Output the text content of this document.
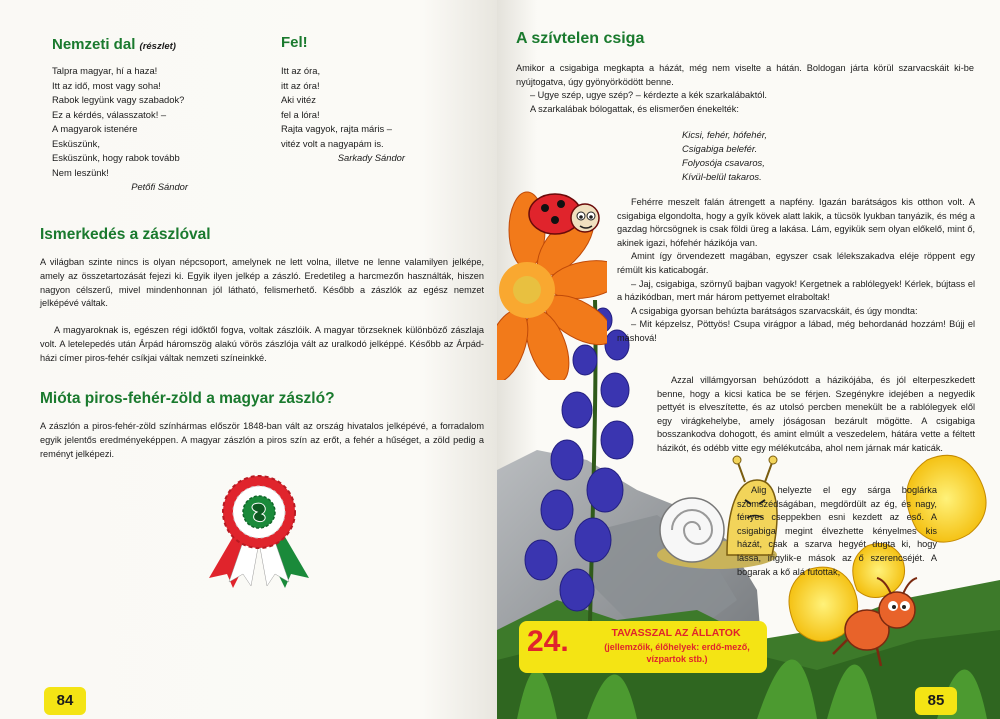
Nemzeti dal (részlet)
Talpra magyar, hí a haza!
Itt az idő, most vagy soha!
Rabok legyünk vagy szabadok?
Ez a kérdés, válasszatok! –
A magyarok istenére
Esküszünk,
Esküszünk, hogy rabok tovább
Nem leszünk!
Petőfi Sándor
Fel!
Itt az óra,
itt az óra!
Aki vitéz
fel a lóra!
Rajta vagyok, rajta máris –
vitéz volt a nagyapám is.
Sarkady Sándor
Ismerkedés a zászlóval

A világban szinte nincs is olyan népcsoport, amelynek ne lett volna, illetve ne lenne valamilyen jelképe, amely az összetartozását fejezi ki. Egyik ilyen jelkép a zászló. Eredetileg a harcmezőn használták, hiszen nagyon célszerű, mivel mindenhonnan jól látható, felismerhető. Később a zászlók az egész nemzet jelképévé váltak.

A magyaroknak is, egészen régi időktől fogva, voltak zászlóik. A magyar törzseknek különböző zászlaja volt. A letelepedés után Árpád háromszög alakú vörös zászlója vált az uralkodó jelképpé. Később az Árpád-házi címer piros-fehér csíkjai váltak nemzeti színeinkké.

Mióta piros-fehér-zöld a magyar zászló?

A zászlón a piros-fehér-zöld színhármas először 1848-ban vált az ország hivatalos jelképévé, a forradalom egyik jelentős eredményeképpen. A magyar zászlón a piros szín az erőt, a fehér a hűséget, a zöld pedig a reményt jelképezi.

84
A szívtelen csiga

Amikor a csigabiga megkapta a házát, még nem viselte a hátán. Boldogan járta körül szarvacskáit ki-be nyújtogatva, úgy gyönyörködött benne.

– Ugye szép, ugye szép? – kérdezte a kék szarkalábaktól.

A szarkalábak bólogattak, és elismerően énekelték:

Kicsi, fehér, hófehér,
Csigabiga belefér.
Folyosója csavaros,
Kívül-belül takaros.

Fehérre meszelt falán átrengett a napfény. Igazán barátságos kis otthon volt. A csigabiga elgondolta, hogy a gyík kövek alatt lakik, a tücsök lyukban tanyázik, és még a gazdag hörcsögnek is csak földi üreg a lakása. Lám, egyikük sem olyan előkelő, mint ő, akinek igazi, hófehér házikója van.

Amint így örvendezett magában, egyszer csak lélekszakadva eléje röppent egy rémült kis katicabogár.

– Jaj, csigabiga, szörnyű bajban vagyok! Kergetnek a rablólegyek! Kérlek, bújtass el a házikódban, mert már három pettyemet elraboltak!

A csigabiga gyorsan behúzta barátságos szarvacskáit, és úgy mondta:

– Mit képzelsz, Pöttyös! Csupa virágpor a lábad, még behordanád hozzám! Bújj el máshová!

Azzal villámgyorsan behúzódott a házikójába, és jól elterpeszkedett benne, hogy a kicsi katica be se férjen. Szegénykre idejében a negyedik pettyét is elveszítette, és az utolsó percben menekült be a rablólegyek elől egy virágkehelybe, amely jóságosan bezárult mögötte. A csigabiga bosszankodva dohogott, és amint elmúlt a veszedelem, hátára vette a féltett házikót, és odébb vitte egy mélékutcába, ahol nem járnak már katicák.

Alig helyezte el egy sárga boglárka szomszédságában, megdördült az ég, és nagy, fényes cseppekben esni kezdett az eső. A csigabiga megint élvezhette kényelmes kis házát, csak a szarva hegyét dugta ki, hogy lássa, irigylik-e mások az ő szerencséjét. A bogarak a kő alá futottak,

24.	TAVASSZAL AZ ÁLLATOK
(jellemzőik, élőhelyek: erdő-mező, vízpartok stb.)
85
